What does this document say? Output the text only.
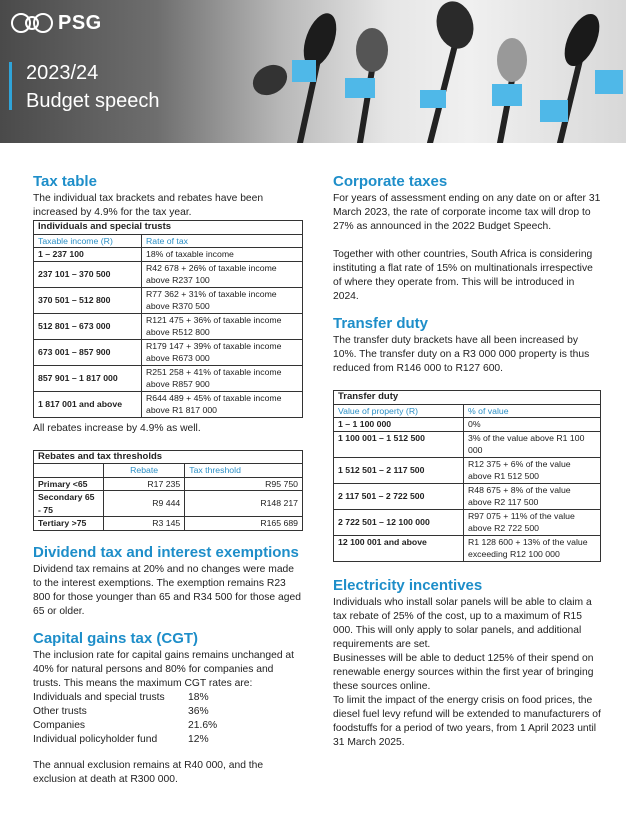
PSG
2023/24
Budget speech
Tax table

The individual tax brackets and rebates have been increased by 4.9% for the tax year.

Individuals and special trusts	
Taxable income (R)	Rate of tax
1 – 237 100	18% of taxable income
237 101 – 370 500	R42 678 + 26% of taxable income above R237 100
370 501 – 512 800	R77 362 + 31% of taxable income above R370 500
512 801 – 673 000	R121 475 + 36% of taxable income above R512 800
673 001 – 857 900	R179 147 + 39% of taxable income above R673 000
857 901 – 1 817 000	R251 258 + 41% of taxable income above R857 900
1 817 001 and above	R644 489 + 45% of taxable income above R1 817 000

All rebates increase by 4.9% as well.

Rebates and tax thresholds		
	Rebate	Tax threshold
Primary <65	R17 235	R95 750
Secondary 65 - 75	R9 444	R148 217
Tertiary >75	R3 145	R165 689
Dividend tax and interest exemptions

Dividend tax remains at 20% and no changes were made to the interest exemptions. The exemption remains R23 800 for those younger than 65 and R34 500 for those aged 65 or older.

Capital gains tax (CGT)

The inclusion rate for capital gains remains unchanged at 40% for natural persons and 80% for companies and trusts. This means the maximum CGT rates are:

Individuals and special trusts	18%
Other trusts	36%
Companies	21.6%
Individual policyholder fund	12%

The annual exclusion remains at R40 000, and the exclusion at death at R300 000.

Corporate taxes

For years of assessment ending on any date on or after 31 March 2023, the rate of corporate income tax will drop to 27% as announced in the 2022 Budget Speech.

Together with other countries, South Africa is considering instituting a flat rate of 15% on multinationals irrespective of where they operate from. This will be introduced in 2024.

Transfer duty

The transfer duty brackets have all been increased by 10%. The transfer duty on a R3 000 000 property is thus reduced from R146 000 to R127 600.

Transfer duty	
Value of property (R)	% of value
1 – 1 100 000	0%
1 100 001 – 1 512 500	3% of the value above R1 100 000
1 512 501 – 2 117 500	R12 375 + 6% of the value above R1 512 500
2 117 501 – 2 722 500	R48 675 + 8% of the value above R2 117 500
2 722 501 – 12 100 000	R97 075 + 11% of the value above R2 722 500
12 100 001 and above	R1 128 600 + 13% of the value exceeding R12 100 000
Electricity incentives

Individuals who install solar panels will be able to claim a tax rebate of 25% of the cost, up to a maximum of R15 000. This will only apply to solar panels, and additional requirements are set.

Businesses will be able to deduct 125% of their spend on renewable energy sources within the first year of bringing these sources online.

To limit the impact of the energy crisis on food prices, the diesel fuel levy refund will be extended to manufacturers of foodstuffs for a period of two years, from 1 April 2023 until 31 March 2025.
